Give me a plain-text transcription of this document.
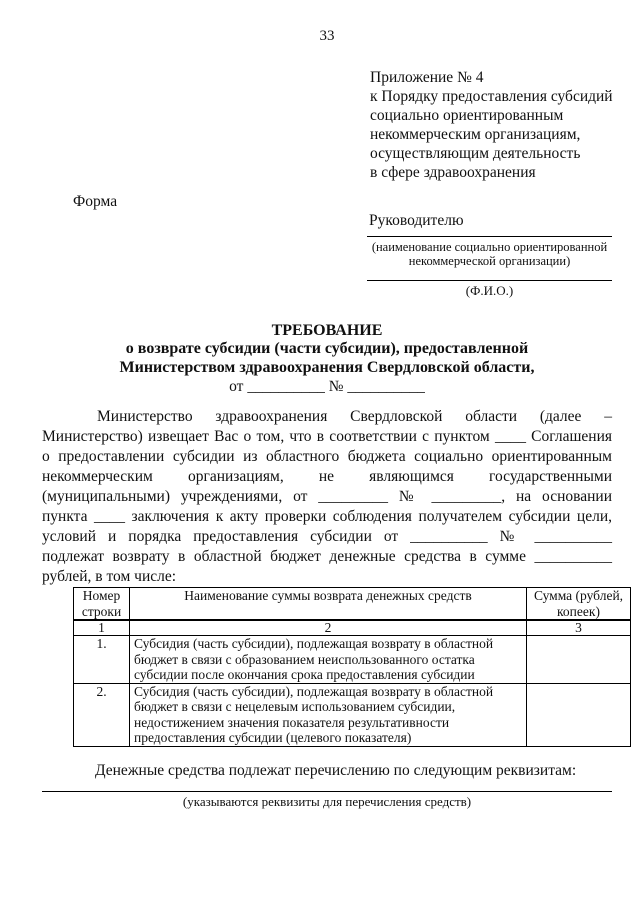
33
Приложение № 4
к Порядку предоставления субсидий
социально ориентированным
некоммерческим организациям,
осуществляющим деятельность
в сфере здравоохранения
Форма
Руководителю
(наименование социально ориентированной некоммерческой организации)
(Ф.И.О.)
ТРЕБОВАНИЕ
о возврате субсидии (части субсидии), предоставленной
Министерством здравоохранения Свердловской области,
от __________ № __________
Министерство здравоохранения Свердловской области (далее –
Министерство) извещает Вас о том, что в соответствии с пунктом ____ Соглашения
о предоставлении субсидии из областного бюджета социально ориентированным
некоммерческим организациям, не являющимся государственными
(муниципальными) учреждениями, от _________ № _________, на основании
пункта ____ заключения к акту проверки соблюдения получателем субсидии цели,
условий и порядка предоставления субсидии от __________ № __________
подлежат возврату в областной бюджет денежные средства в сумме __________
рублей, в том числе:
Номер строки	Наименование суммы возврата денежных средств	Сумма (рублей, копеек)
1	2	3
1.	Субсидия (часть субсидии), подлежащая возврату в областной бюджет в связи с образованием неиспользованного остатка субсидии после окончания срока предоставления субсидии	
2.	Субсидия (часть субсидии), подлежащая возврату в областной бюджет в связи с нецелевым использованием субсидии, недостижением значения показателя результативности предоставления субсидии (целевого показателя)	
Денежные средства подлежат перечислению по следующим реквизитам:
(указываются реквизиты для перечисления средств)
